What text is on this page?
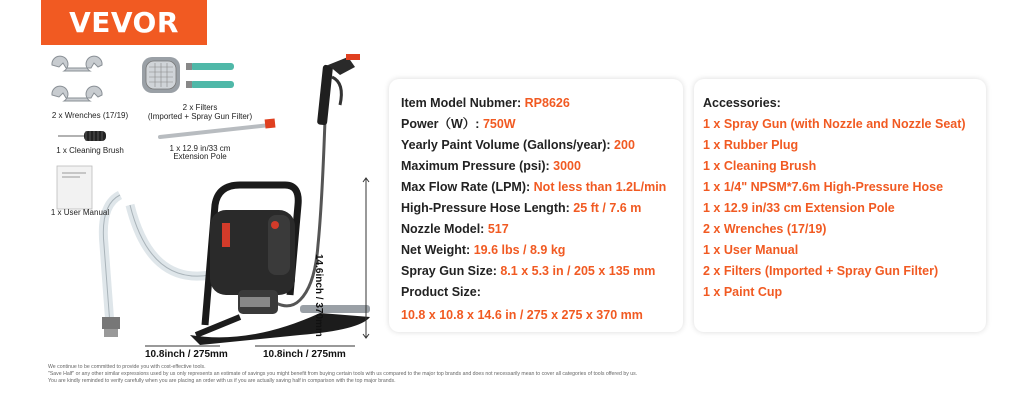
VEVOR
2 x Wrenches (17/19)
2 x Filters
(Imported + Spray Gun Filter)
1 x Cleaning Brush	1 x 12.9 in/33 cm
Extension Pole
1 x User Manual
14.6inch / 370mm
10.8inch / 275mm	10.8inch / 275mm
Item Model Nubmer: RP8626
Power（W）: 750W
Yearly Paint Volume (Gallons/year): 200
Maximum Pressure (psi): 3000
Max Flow Rate (LPM): Not less than 1.2L/min
High-Pressure Hose Length: 25 ft / 7.6 m
Nozzle Model: 517
Net Weight: 19.6 lbs / 8.9 kg
Spray Gun Size: 8.1 x 5.3 in / 205 x 135 mm
Product Size:
10.8 x 10.8 x 14.6 in / 275 x 275 x 370 mm
Accessories:
1 x Spray Gun (with Nozzle and Nozzle Seat)
1 x Rubber Plug
1 x Cleaning Brush
1 x 1/4" NPSM*7.6m High-Pressure Hose
1 x 12.9 in/33 cm Extension Pole
2 x Wrenches (17/19)
1 x User Manual
2 x Filters (Imported + Spray Gun Filter)
1 x Paint Cup
We continue to be committed to provide you with cost-effective tools.
"Save Half" or any other similar expressions used by us only represents an estimate of savings you might benefit from buying certain tools with us compared to the major top brands and does not necessarily mean to cover all categories of tools offered by us.
You are kindly reminded to verify carefully when you are placing an order with us if you are actually saving half in comparison with the top major brands.
